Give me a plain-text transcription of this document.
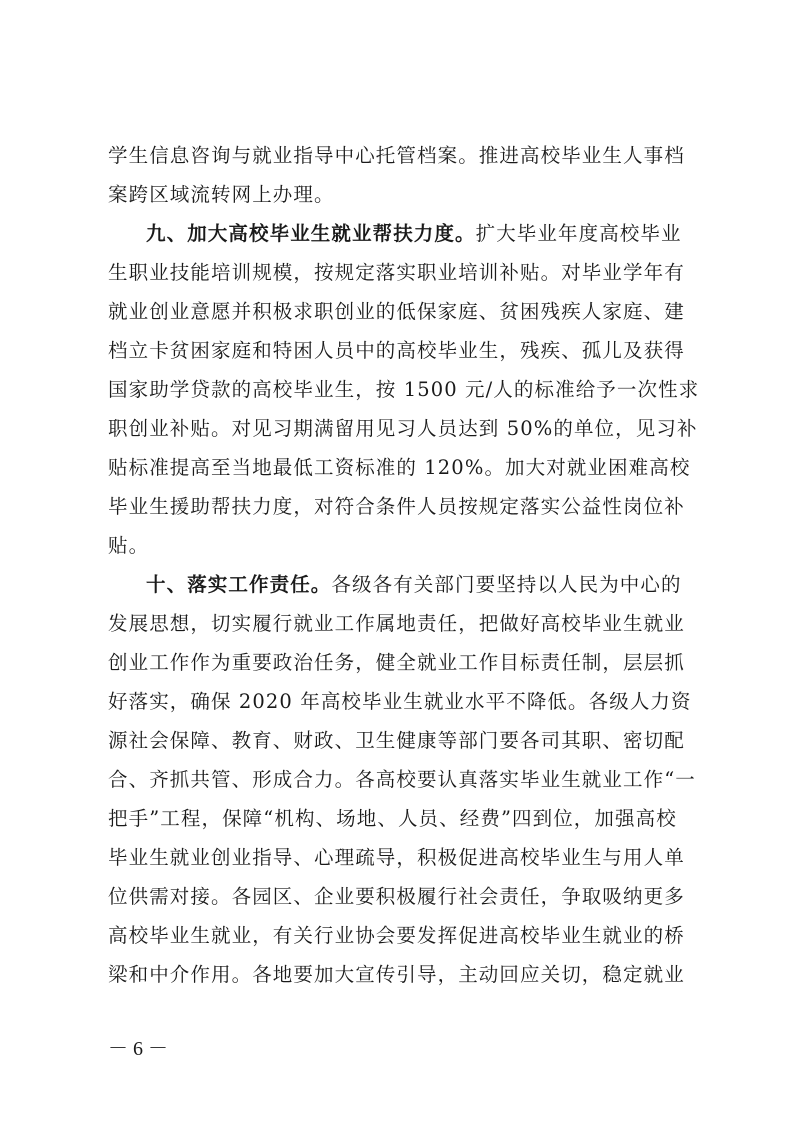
学生信息咨询与就业指导中心托管档案。推进高校毕业生人事档
案跨区域流转网上办理。
九、加大高校毕业生就业帮扶力度。扩大毕业年度高校毕业
生职业技能培训规模，按规定落实职业培训补贴。对毕业学年有
就业创业意愿并积极求职创业的低保家庭、贫困残疾人家庭、建
档立卡贫困家庭和特困人员中的高校毕业生，残疾、孤儿及获得
国家助学贷款的高校毕业生，按 1500 元/人的标准给予一次性求
职创业补贴。对见习期满留用见习人员达到 50%的单位，见习补
贴标准提高至当地最低工资标准的 120%。加大对就业困难高校
毕业生援助帮扶力度，对符合条件人员按规定落实公益性岗位补
贴。
十、落实工作责任。各级各有关部门要坚持以人民为中心的
发展思想，切实履行就业工作属地责任，把做好高校毕业生就业
创业工作作为重要政治任务，健全就业工作目标责任制，层层抓
好落实，确保 2020 年高校毕业生就业水平不降低。各级人力资
源社会保障、教育、财政、卫生健康等部门要各司其职、密切配
合、齐抓共管、形成合力。各高校要认真落实毕业生就业工作“一
把手”工程，保障“机构、场地、人员、经费”四到位，加强高校
毕业生就业创业指导、心理疏导，积极促进高校毕业生与用人单
位供需对接。各园区、企业要积极履行社会责任，争取吸纳更多
高校毕业生就业，有关行业协会要发挥促进高校毕业生就业的桥
梁和中介作用。各地要加大宣传引导，主动回应关切，稳定就业
－ 6 －
